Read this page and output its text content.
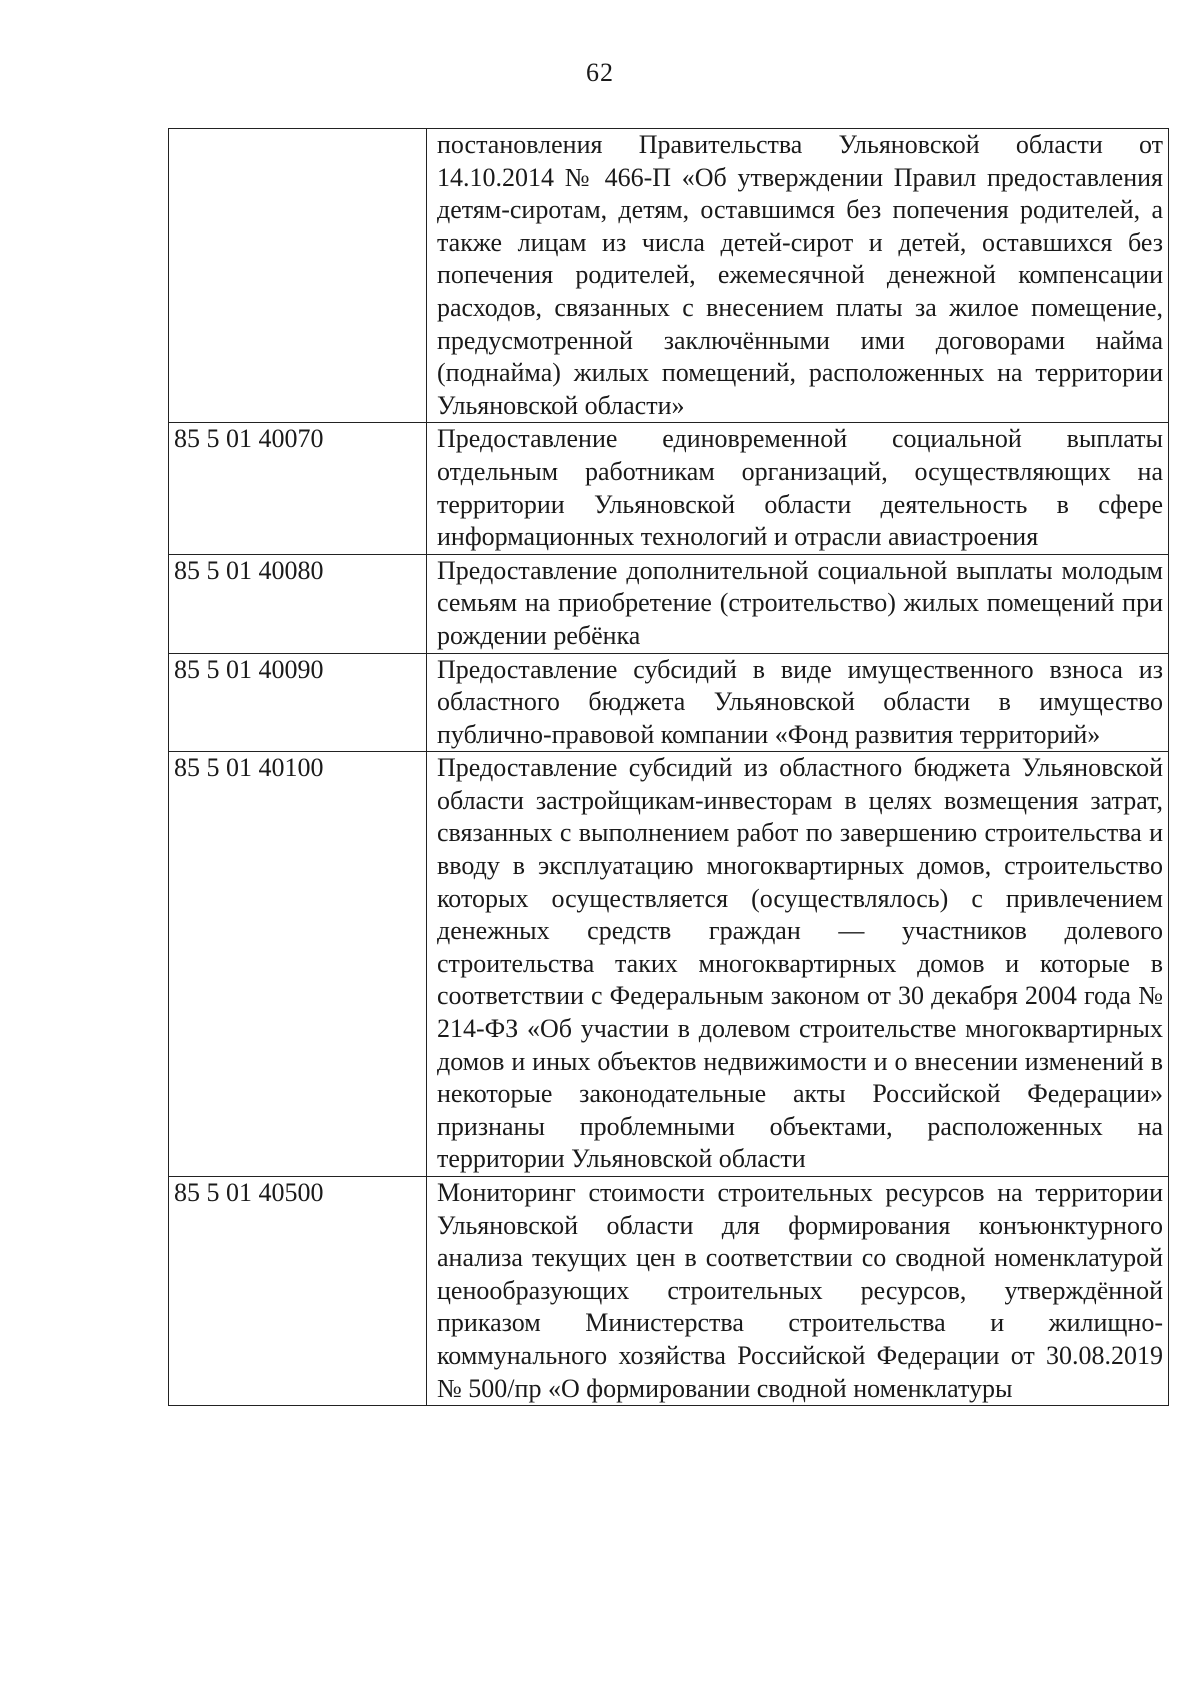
62
	постановления Правительства Ульяновской области от 14.10.2014 № 466-П «Об утверждении Правил предоставления детям-сиротам, детям, оставшимся без попечения родителей, а также лицам из числа детей-сирот и детей, оставшихся без попечения родителей, ежемесячной денежной компенсации расходов, связанных с внесением платы за жилое помещение, предусмотренной заключёнными ими договорами найма (поднайма) жилых помещений, расположенных на территории Ульяновской области»
85 5 01 40070	Предоставление единовременной социальной выплаты отдельным работникам организаций, осуществляющих на территории Ульяновской области деятельность в сфере информационных технологий и отрасли авиастроения
85 5 01 40080	Предоставление дополнительной социальной выплаты молодым семьям на приобретение (строительство) жилых помещений при рождении ребёнка
85 5 01 40090	Предоставление субсидий в виде имущественного взноса из областного бюджета Ульяновской области в имущество публично-правовой компании «Фонд развития территорий»
85 5 01 40100	Предоставление субсидий из областного бюджета Ульяновской области застройщикам-инвесторам в целях возмещения затрат, связанных с выполнением работ по завершению строительства и вводу в эксплуатацию многоквартирных домов, строительство которых осуществляется (осуществлялось) с привлечением денежных средств граждан — участников долевого строительства таких многоквартирных домов и которые в соответствии с Федеральным законом от 30 декабря 2004 года № 214-ФЗ «Об участии в долевом строительстве многоквартирных домов и иных объектов недвижимости и о внесении изменений в некоторые законодательные акты Российской Федерации» признаны проблемными объектами, расположенных на территории Ульяновской области
85 5 01 40500	Мониторинг стоимости строительных ресурсов на территории Ульяновской области для формирования конъюнктурного анализа текущих цен в соответствии со сводной номенклатурой ценообразующих строительных ресурсов, утверждённой приказом Министерства строительства и жилищно-коммунального хозяйства Российской Федерации от 30.08.2019 № 500/пр «О формировании сводной номенклатуры
